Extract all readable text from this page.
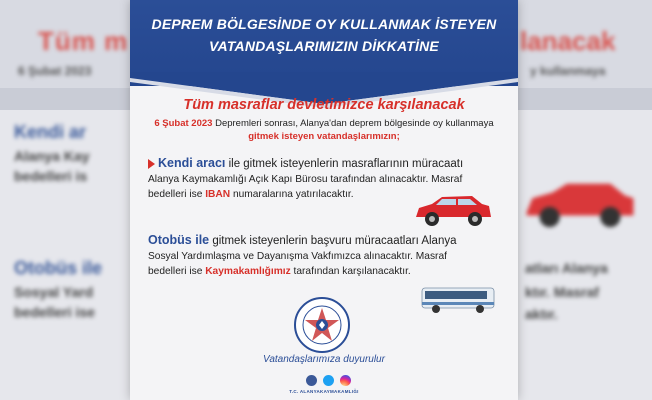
Tüm m	lanacak
6 Şubat 2023	y kullanmaya
Kendi ar
Alanya Kay
bedelleri is
Otobüs ile
Sosyal Yard
bedelleri ise
atları Alanya
ktır. Masraf
aktır.
DEPREM BÖLGESİNDE OY KULLANMAK İSTEYEN
VATANDAŞLARIMIZIN DİKKATİNE
Tüm masraflar devletimizce karşılanacak
6 Şubat 2023 Depremleri sonrası, Alanya'dan deprem bölgesinde oy kullanmaya
gitmek isteyen vatandaşlarımızın;
Kendi aracı ile gitmek isteyenlerin masraflarının müracaatı
Alanya Kaymakamlığı Açık Kapı Bürosu tarafından alınacaktır. Masraf
bedelleri ise IBAN numaralarına yatırılacaktır.
Otobüs ile gitmek isteyenlerin başvuru müracaatları Alanya
Sosyal Yardımlaşma ve Dayanışma Vakfımızca alınacaktır. Masraf
bedelleri ise Kaymakamlığımız tarafından karşılanacaktır.
Vatandaşlarımıza duyurulur
T.C. ALANYAKAYMAKAMLIĞI
